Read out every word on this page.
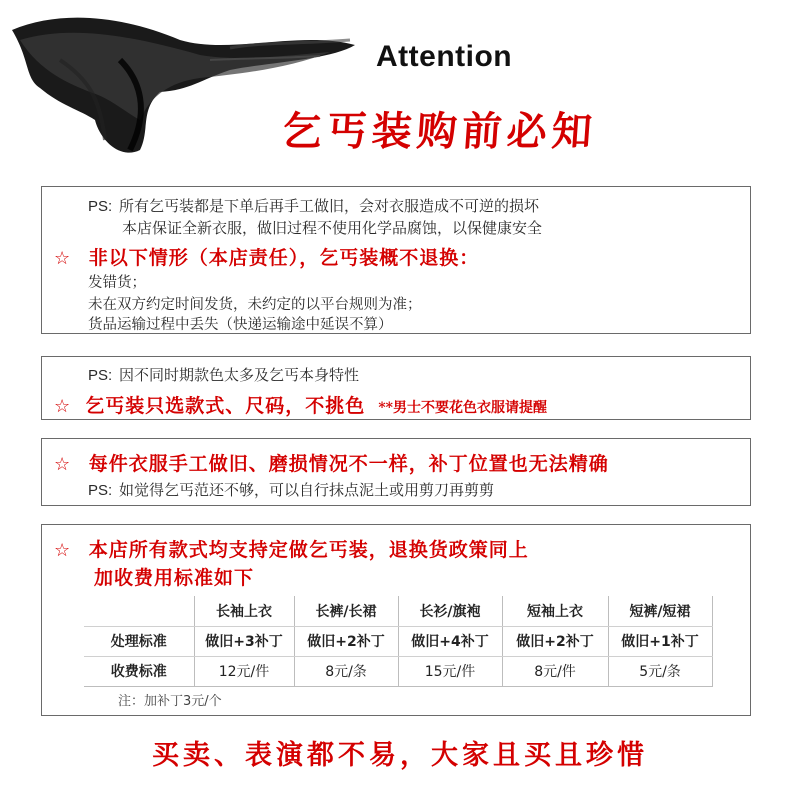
Attention
乞丐装购前必知
PS: 所有乞丐装都是下单后再手工做旧，会对衣服造成不可逆的损坏
本店保证全新衣服，做旧过程不使用化学品腐蚀，以保健康安全
☆ 非以下情形（本店责任），乞丐装概不退换：
发错货；
未在双方约定时间发货，未约定的以平台规则为准；
货品运输过程中丢失（快递运输途中延误不算）
PS: 因不同时期款色太多及乞丐本身特性
☆ 乞丐装只选款式、尺码，不挑色 **男士不要花色衣服请提醒
☆ 每件衣服手工做旧、磨损情况不一样，补丁位置也无法精确
PS: 如觉得乞丐范还不够，可以自行抹点泥土或用剪刀再剪剪
☆ 本店所有款式均支持定做乞丐装，退换货政策同上
加收费用标准如下
	长袖上衣	长裤/长裙	长衫/旗袍	短袖上衣	短裤/短裙
处理标准	做旧+3补丁	做旧+2补丁	做旧+4补丁	做旧+2补丁	做旧+1补丁
收费标准	12元/件	8元/条	15元/件	8元/件	5元/条
注：加补丁3元/个
买卖、表演都不易，大家且买且珍惜
